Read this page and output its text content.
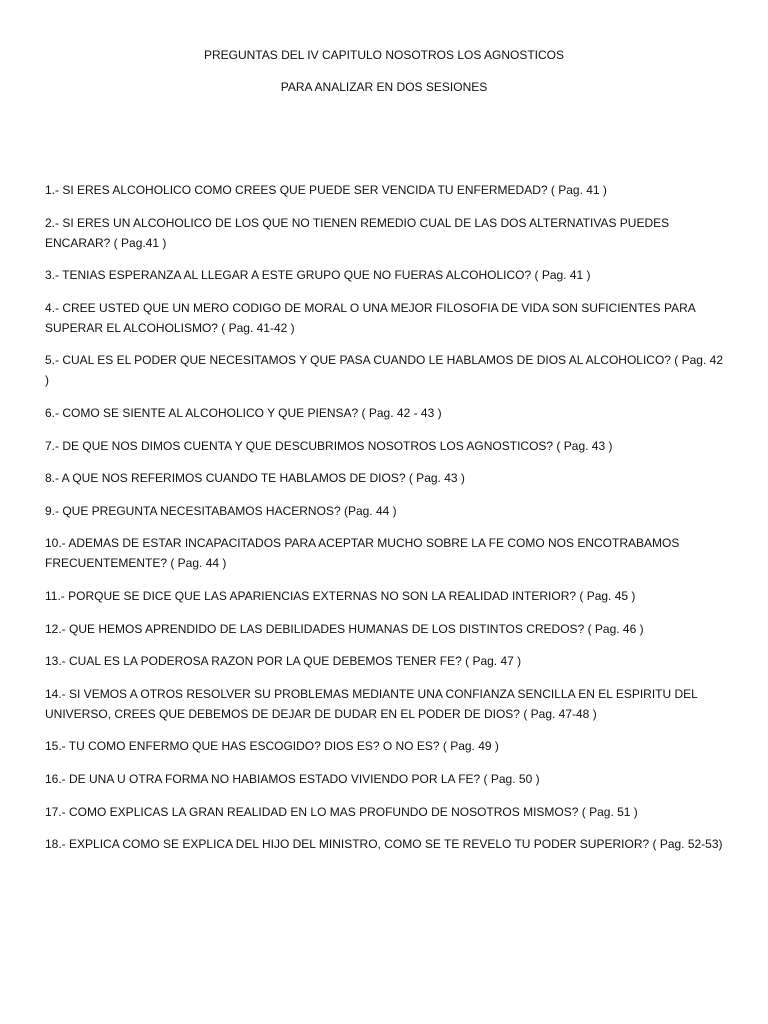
PREGUNTAS DEL IV CAPITULO NOSOTROS LOS AGNOSTICOS
PARA ANALIZAR EN DOS SESIONES
1.- SI ERES ALCOHOLICO COMO CREES QUE PUEDE SER VENCIDA TU ENFERMEDAD? ( Pag. 41 )
2.- SI ERES UN ALCOHOLICO DE LOS QUE NO TIENEN REMEDIO CUAL DE LAS DOS ALTERNATIVAS PUEDES ENCARAR? ( Pag.41 )
3.- TENIAS ESPERANZA AL LLEGAR A ESTE GRUPO QUE NO FUERAS ALCOHOLICO? ( Pag. 41 )
4.- CREE USTED QUE UN MERO CODIGO DE MORAL O UNA MEJOR FILOSOFIA DE VIDA SON SUFICIENTES PARA SUPERAR EL ALCOHOLISMO? ( Pag. 41-42 )
5.- CUAL ES EL PODER QUE NECESITAMOS Y QUE PASA CUANDO LE HABLAMOS DE DIOS AL ALCOHOLICO? ( Pag. 42 )
6.- COMO SE SIENTE AL ALCOHOLICO Y QUE PIENSA? ( Pag. 42 - 43 )
7.- DE QUE NOS DIMOS CUENTA Y QUE DESCUBRIMOS NOSOTROS LOS AGNOSTICOS? ( Pag. 43 )
8.- A QUE NOS REFERIMOS CUANDO TE HABLAMOS DE DIOS? ( Pag. 43 )
9.- QUE PREGUNTA NECESITABAMOS HACERNOS? (Pag. 44 )
10.- ADEMAS DE ESTAR INCAPACITADOS PARA ACEPTAR MUCHO SOBRE LA FE COMO NOS ENCOTRABAMOS FRECUENTEMENTE? ( Pag. 44 )
11.- PORQUE SE DICE QUE LAS APARIENCIAS EXTERNAS NO SON LA REALIDAD INTERIOR? ( Pag. 45 )
12.- QUE HEMOS APRENDIDO DE LAS DEBILIDADES HUMANAS DE LOS DISTINTOS CREDOS? ( Pag. 46 )
13.- CUAL ES LA PODEROSA RAZON POR LA QUE DEBEMOS TENER FE? ( Pag. 47 )
14.- SI VEMOS A OTROS RESOLVER SU PROBLEMAS MEDIANTE UNA CONFIANZA SENCILLA EN EL ESPIRITU DEL UNIVERSO, CREES QUE DEBEMOS DE DEJAR DE DUDAR EN EL PODER DE DIOS? ( Pag. 47-48 )
15.- TU COMO ENFERMO QUE HAS ESCOGIDO? DIOS ES? O NO ES? ( Pag. 49 )
16.- DE UNA U OTRA FORMA NO HABIAMOS ESTADO VIVIENDO POR LA FE? ( Pag. 50 )
17.- COMO EXPLICAS LA GRAN REALIDAD EN LO MAS PROFUNDO DE NOSOTROS MISMOS? ( Pag. 51 )
18.- EXPLICA COMO SE EXPLICA DEL HIJO DEL MINISTRO, COMO SE TE REVELO TU PODER SUPERIOR? ( Pag. 52-53)
